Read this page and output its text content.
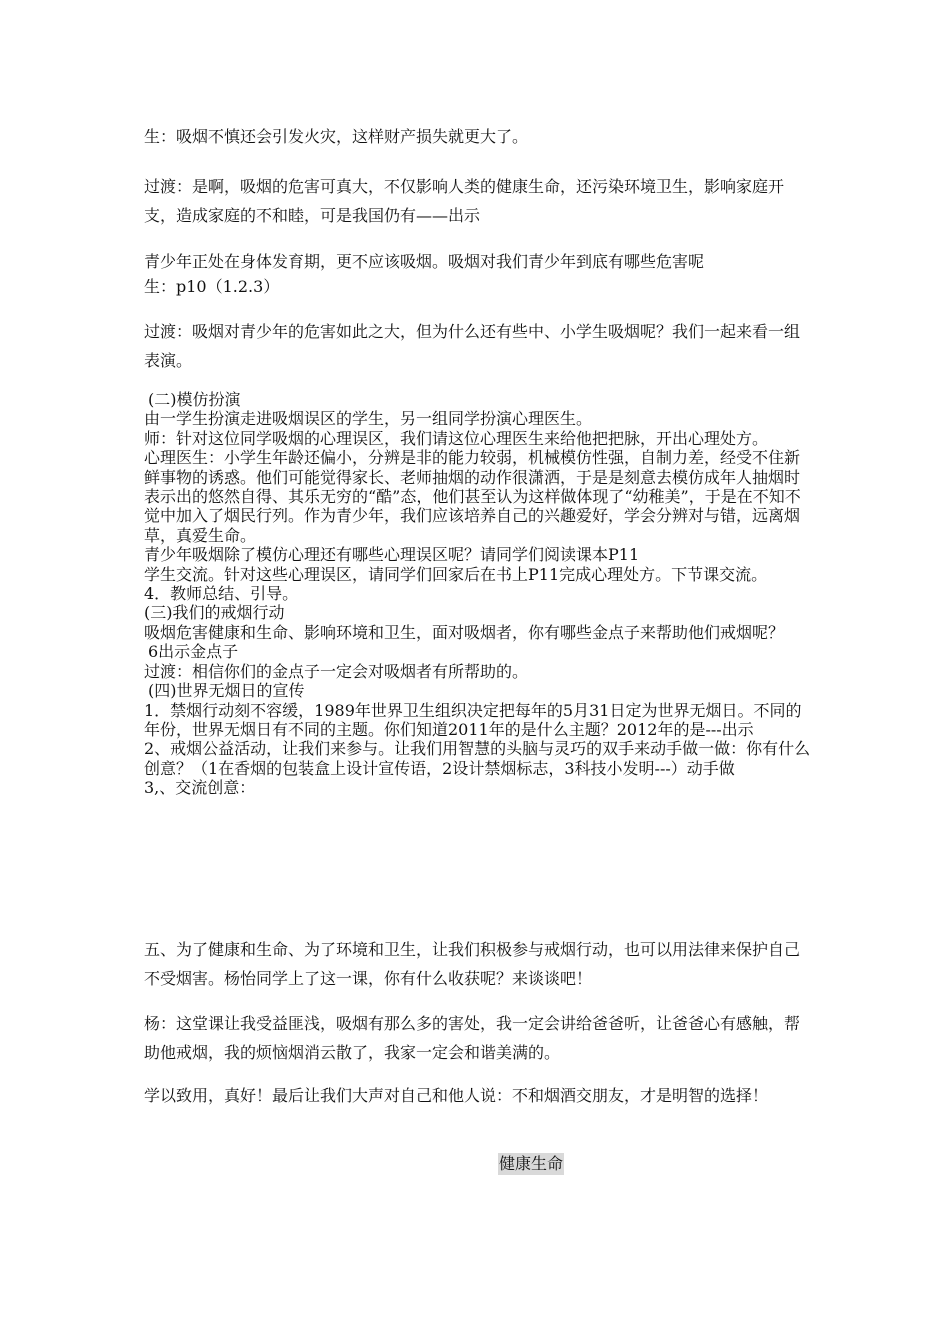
生：吸烟不慎还会引发火灾，这样财产损失就更大了。

过渡：是啊，吸烟的危害可真大，不仅影响人类的健康生命，还污染环境卫生，影响家庭开支，造成家庭的不和睦，可是我国仍有——出示

青少年正处在身体发育期，更不应该吸烟。吸烟对我们青少年到底有哪些危害呢

生：p10（1.2.3）

过渡：吸烟对青少年的危害如此之大，但为什么还有些中、小学生吸烟呢？我们一起来看一组表演。

(二)模仿扮演
由一学生扮演走进吸烟误区的学生，另一组同学扮演心理医生。
师：针对这位同学吸烟的心理误区，我们请这位心理医生来给他把把脉，开出心理处方。
心理医生：小学生年龄还偏小，分辨是非的能力较弱，机械模仿性强，自制力差，经受不住新鲜事物的诱惑。他们可能觉得家长、老师抽烟的动作很潇洒，于是是刻意去模仿成年人抽烟时表示出的悠然自得、其乐无穷的“酷”态，他们甚至认为这样做体现了“幼稚美”，于是在不知不觉中加入了烟民行列。作为青少年，我们应该培养自己的兴趣爱好，学会分辨对与错，远离烟草，真爱生命。
青少年吸烟除了模仿心理还有哪些心理误区呢？请同学们阅读课本P11
学生交流。针对这些心理误区，请同学们回家后在书上P11完成心理处方。下节课交流。
4．教师总结、引导。
(三)我们的戒烟行动
吸烟危害健康和生命、影响环境和卫生，面对吸烟者，你有哪些金点子来帮助他们戒烟呢？
6出示金点子
过渡：相信你们的金点子一定会对吸烟者有所帮助的。
(四)世界无烟日的宣传
1．禁烟行动刻不容缓，1989年世界卫生组织决定把每年的5月31日定为世界无烟日。不同的年份，世界无烟日有不同的主题。你们知道2011年的是什么主题？2012年的是---出示
2、戒烟公益活动，让我们来参与。让我们用智慧的头脑与灵巧的双手来动手做一做：你有什么创意？（1在香烟的包装盒上设计宣传语，2设计禁烟标志，3科技小发明---）动手做
3,、交流创意：

五、为了健康和生命、为了环境和卫生，让我们积极参与戒烟行动，也可以用法律来保护自己不受烟害。杨怡同学上了这一课，你有什么收获呢？来谈谈吧！

杨：这堂课让我受益匪浅，吸烟有那么多的害处，我一定会讲给爸爸听，让爸爸心有感触，帮助他戒烟，我的烦恼烟消云散了，我家一定会和谐美满的。

学以致用，真好！最后让我们大声对自己和他人说：不和烟酒交朋友，才是明智的选择！

健康生命
